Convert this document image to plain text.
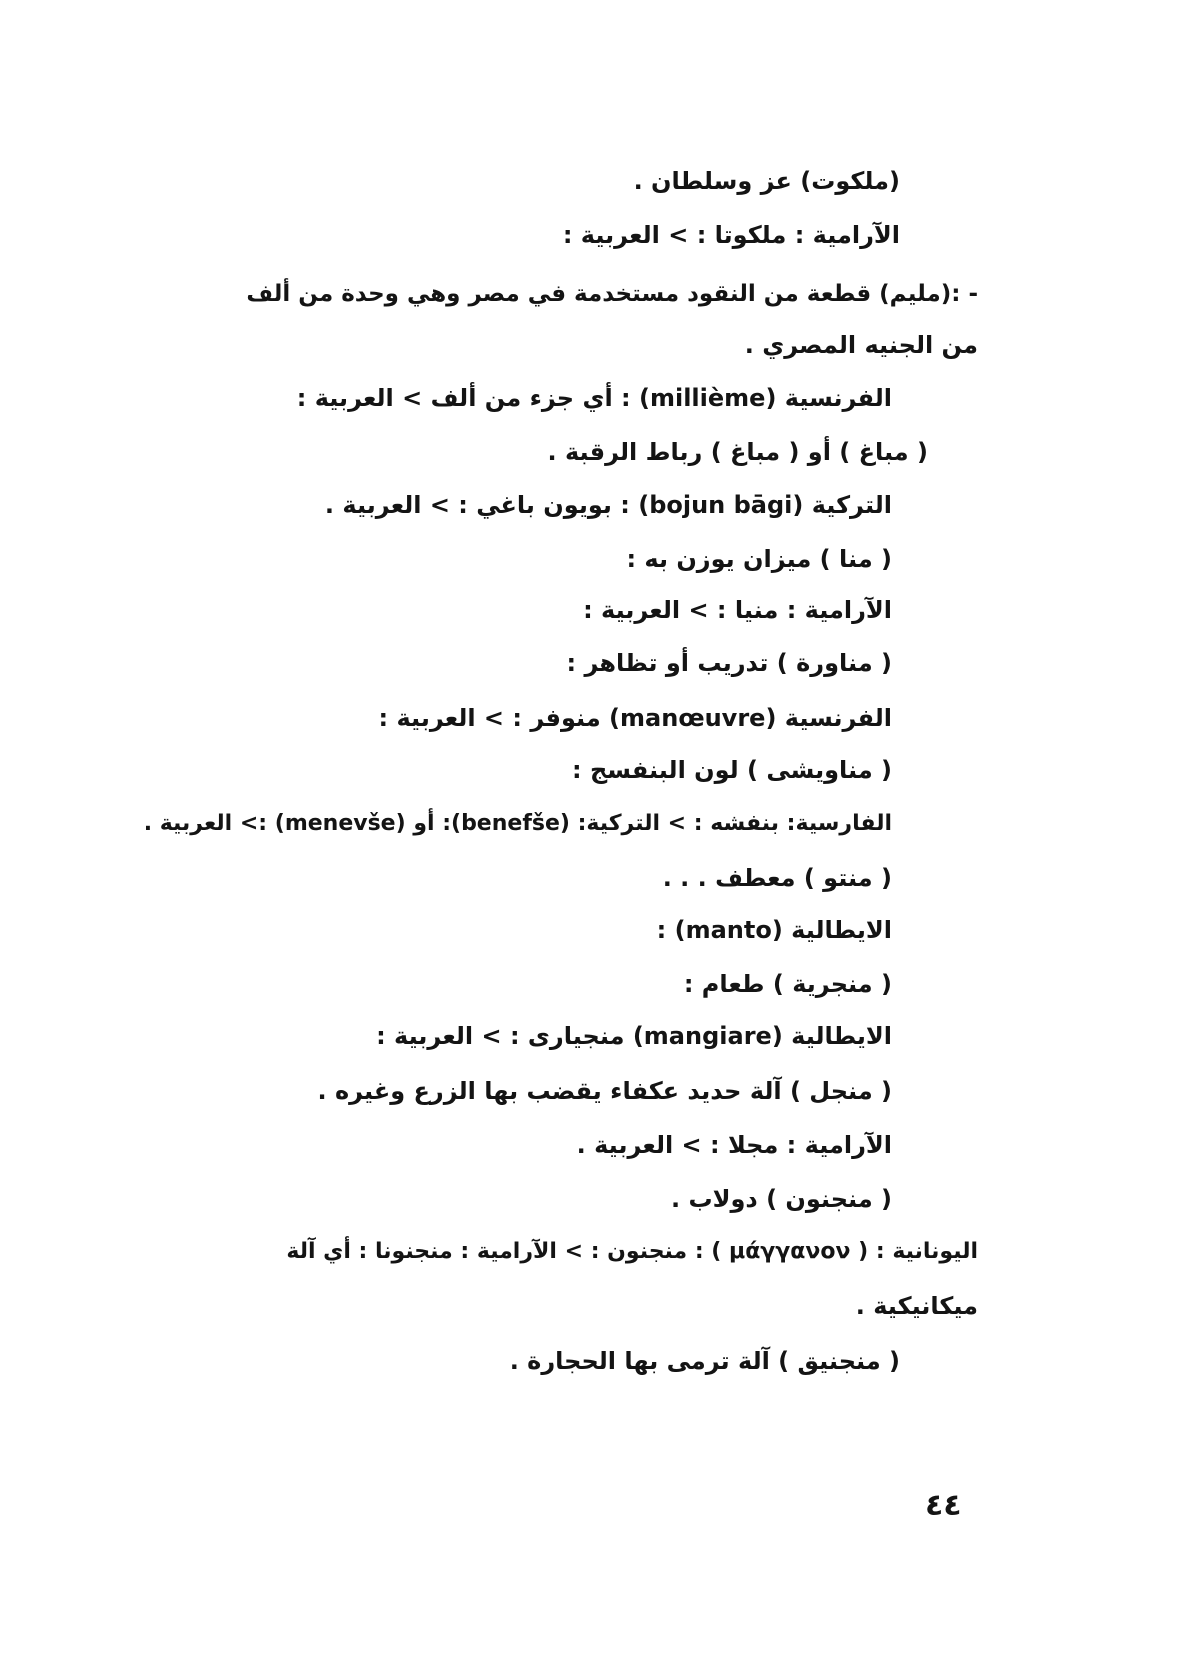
(ملكوت) عز وسلطان .
الآرامية : ملكوتا : > العربية :
- :(مليم) قطعة من النقود مستخدمة في مصر وهي وحدة من ألف
من الجنيه المصري .
الفرنسية (millième) : أي جزء من ألف > العربية :
( مباغ ) أو ( مباغ ) رباط الرقبة .
التركية (bojun bāgi) : بويون باغي : > العربية .
( منا ) ميزان يوزن به :
الآرامية : منيا : > العربية :
( مناورة ) تدريب أو تظاهر :
الفرنسية (manœuvre) منوفر : > العربية :
( مناويشى ) لون البنفسج :
الفارسية: بنفشه : > التركية: (benefše): أو (menevše) :> العربية .
( منتو ) معطف . . .
الايطالية (manto) :
( منجرية ) طعام :
الايطالية (mangiare) منجيارى : > العربية :
( منجل ) آلة حديد عكفاء يقضب بها الزرع وغيره .
الآرامية : مجلا : > العربية .
( منجنون ) دولاب .
اليونانية : ( μάγγανον ) : منجنون : > الآرامية : منجنونا : أي آلة
ميكانيكية .
( منجنيق ) آلة ترمى بها الحجارة .
٤٤
